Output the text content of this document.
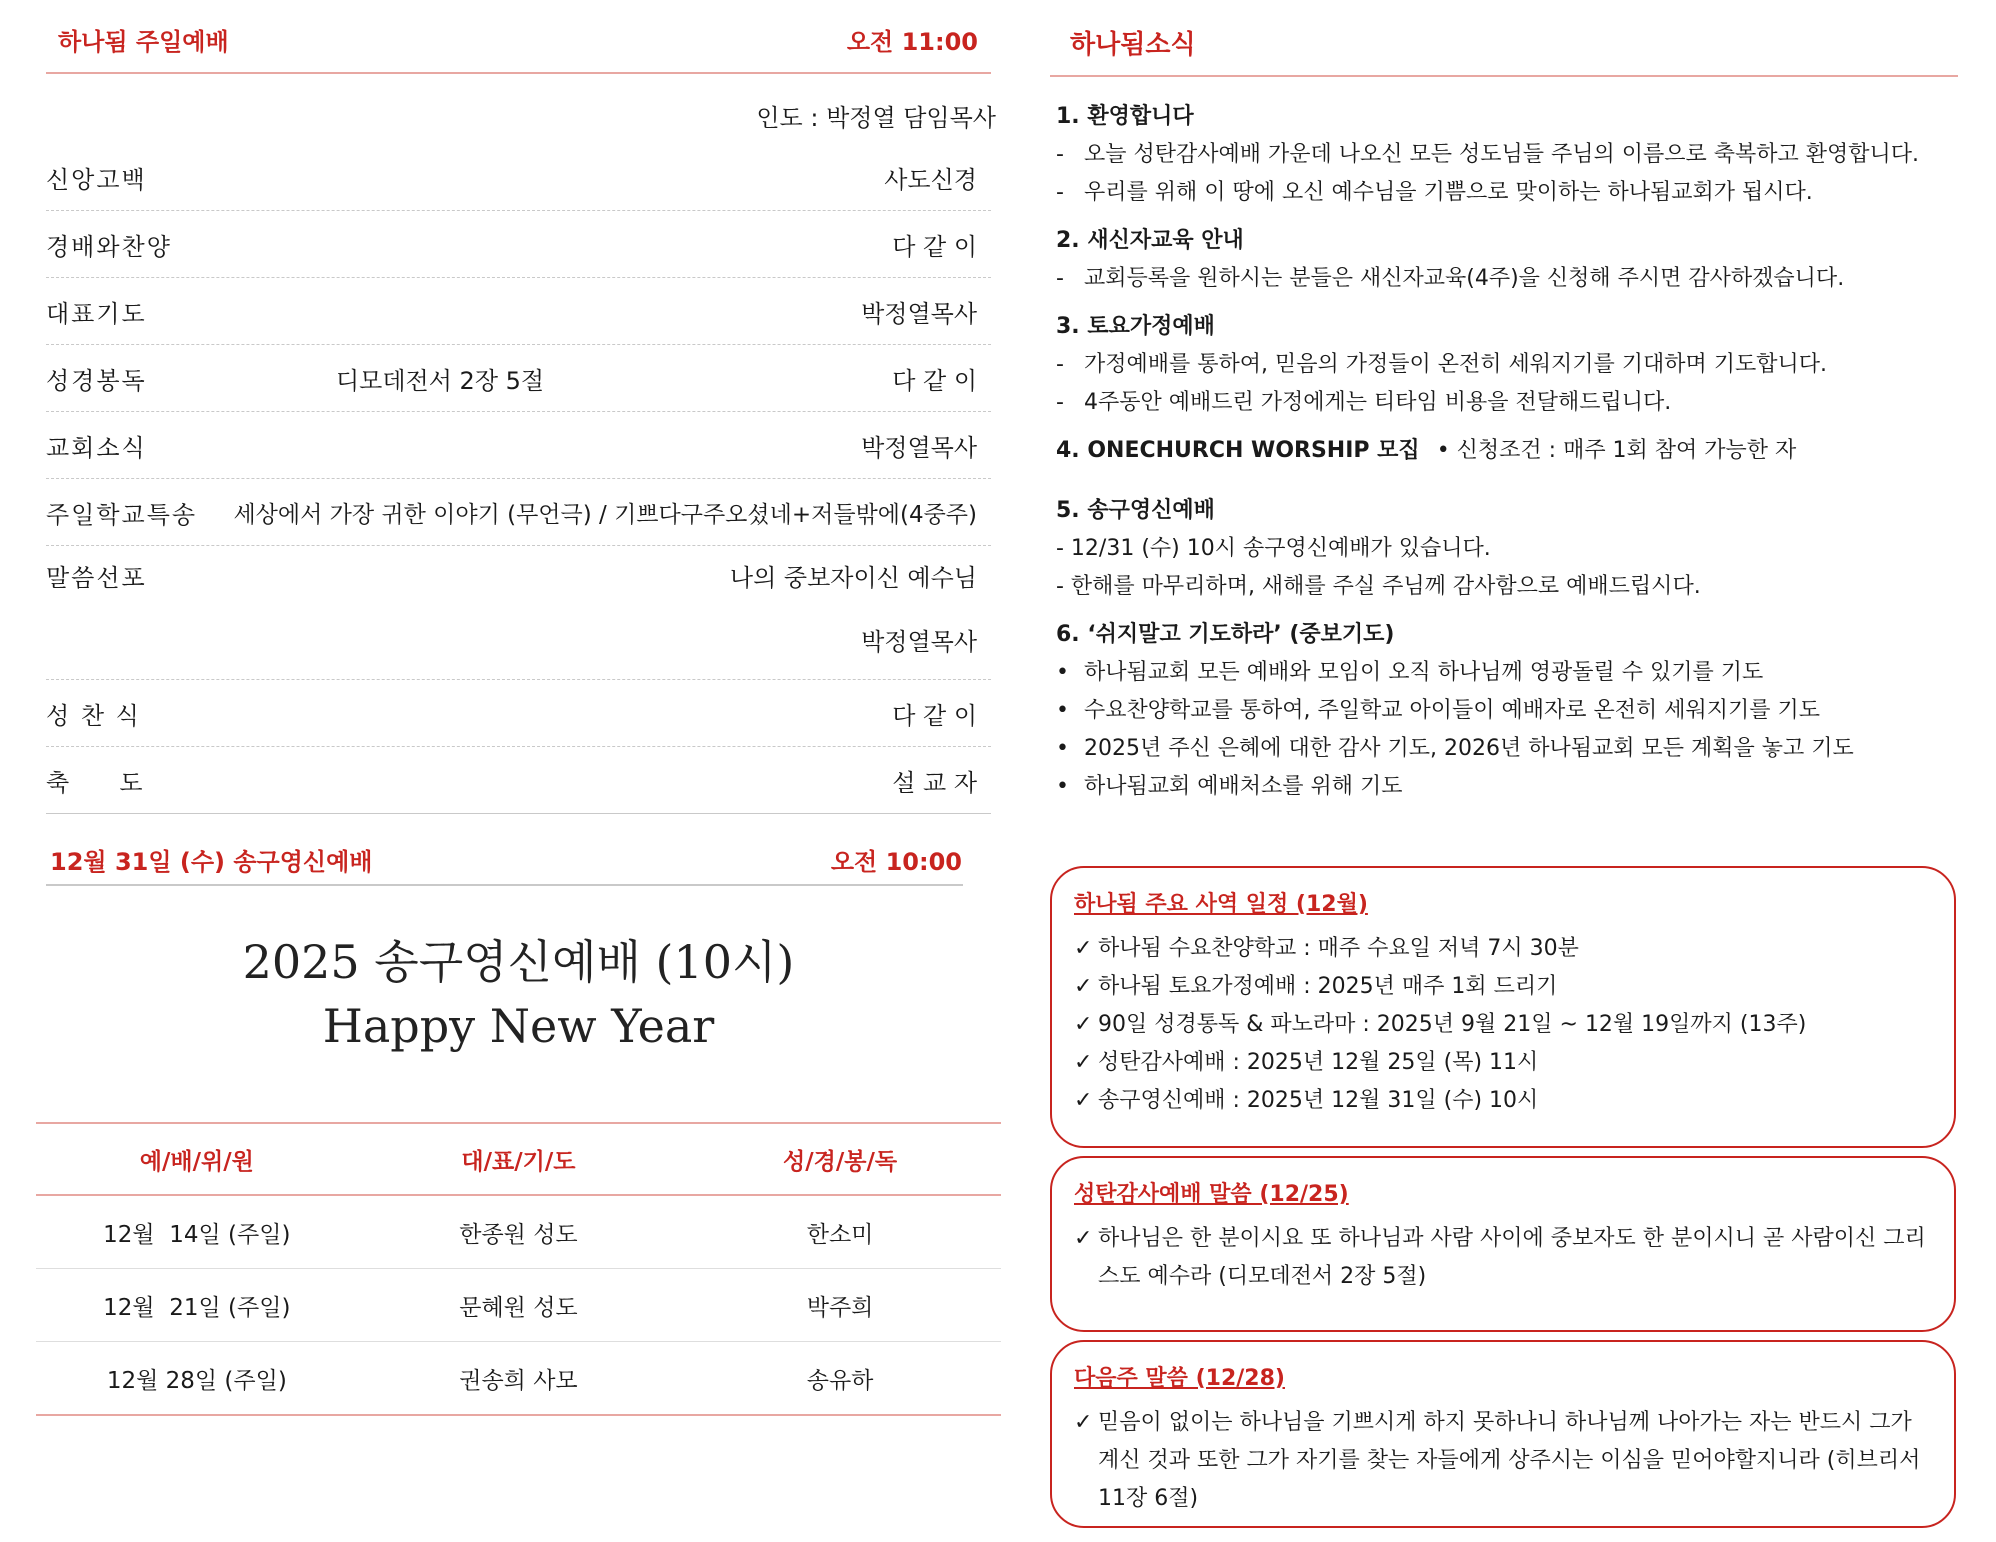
하나됨 주일예배	오전 11:00
인도 : 박정열 담임목사
신앙고백	사도신경
경배와찬양	다 같 이
대표기도	박정열목사
성경봉독	디모데전서 2장 5절	다 같 이
교회소식	박정열목사
주일학교특송	세상에서 가장 귀한 이야기 (무언극) / 기쁘다구주오셨네+저들밖에(4중주)
말씀선포	나의 중보자이신 예수님
박정열목사
성 찬 식	다 같 이
축     도	설 교 자
12월 31일 (수) 송구영신예배	오전 10:00
2025 송구영신예배 (10시)
Happy New Year
예/배/위/원	대/표/기/도	성/경/봉/독
12월  14일 (주일)	한종원 성도	한소미
12월  21일 (주일)	문혜원 성도	박주희
12월 28일 (주일)	권송희 사모	송유하
하나됨소식
1. 환영합니다
- 오늘 성탄감사예배 가운데 나오신 모든 성도님들 주님의 이름으로 축복하고 환영합니다.
- 우리를 위해 이 땅에 오신 예수님을 기쁨으로 맞이하는 하나됨교회가 됩시다.
2. 새신자교육 안내
- 교회등록을 원하시는 분들은 새신자교육(4주)을 신청해 주시면 감사하겠습니다.
3. 토요가정예배
- 가정예배를 통하여, 믿음의 가정들이 온전히 세워지기를 기대하며 기도합니다.
- 4주동안 예배드린 가정에게는 티타임 비용을 전달해드립니다.
4. ONECHURCH WORSHIP 모집 • 신청조건 : 매주 1회 참여 가능한 자
5. 송구영신예배
- 12/31 (수) 10시 송구영신예배가 있습니다.
- 한해를 마무리하며, 새해를 주실 주님께 감사함으로 예배드립시다.
6. ‘쉬지말고 기도하라’ (중보기도)
• 하나됨교회 모든 예배와 모임이 오직 하나님께 영광돌릴 수 있기를 기도
• 수요찬양학교를 통하여, 주일학교 아이들이 예배자로 온전히 세워지기를 기도
• 2025년 주신 은혜에 대한 감사 기도, 2026년 하나됨교회 모든 계획을 놓고 기도
• 하나됨교회 예배처소를 위해 기도
하나됨 주요 사역 일정 (12월)
✓ 하나됨 수요찬양학교 : 매주 수요일 저녁 7시 30분
✓ 하나됨 토요가정예배 : 2025년 매주 1회 드리기
✓ 90일 성경통독 & 파노라마 : 2025년 9월 21일 ~ 12월 19일까지 (13주)
✓ 성탄감사예배 : 2025년 12월 25일 (목) 11시
✓ 송구영신예배 : 2025년 12월 31일 (수) 10시
성탄감사예배 말씀 (12/25)
✓ 하나님은 한 분이시요 또 하나님과 사람 사이에 중보자도 한 분이시니 곧 사람이신 그리스도 예수라 (디모데전서 2장 5절)
다음주 말씀 (12/28)
✓ 믿음이 없이는 하나님을 기쁘시게 하지 못하나니 하나님께 나아가는 자는 반드시 그가 계신 것과 또한 그가 자기를 찾는 자들에게 상주시는 이심을 믿어야할지니라 (히브리서 11장 6절)
